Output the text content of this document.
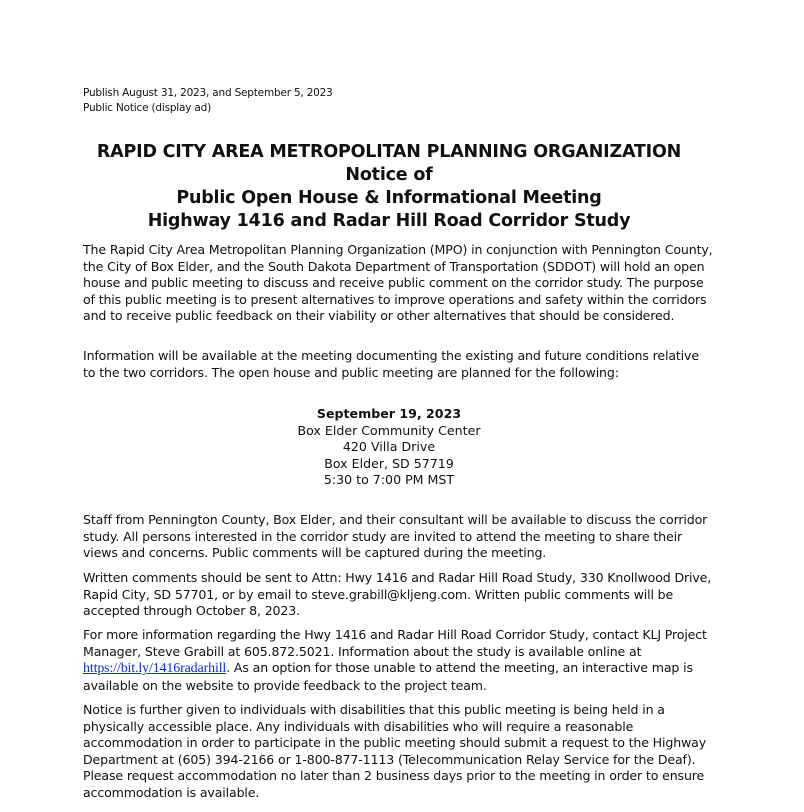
Publish August 31, 2023, and September 5, 2023
Public Notice (display ad)
RAPID CITY AREA METROPOLITAN PLANNING ORGANIZATION
Notice of
Public Open House & Informational Meeting
Highway 1416 and Radar Hill Road Corridor Study

The Rapid City Area Metropolitan Planning Organization (MPO) in conjunction with Pennington County, the City of Box Elder, and the South Dakota Department of Transportation (SDDOT) will hold an open house and public meeting to discuss and receive public comment on the corridor study. The purpose of this public meeting is to present alternatives to improve operations and safety within the corridors and to receive public feedback on their viability or other alternatives that should be considered.

Information will be available at the meeting documenting the existing and future conditions relative to the two corridors. The open house and public meeting are planned for the following:

September 19, 2023
Box Elder Community Center
420 Villa Drive
Box Elder, SD 57719
5:30 to 7:00 PM MST

Staff from Pennington County, Box Elder, and their consultant will be available to discuss the corridor study. All persons interested in the corridor study are invited to attend the meeting to share their views and concerns. Public comments will be captured during the meeting.

Written comments should be sent to Attn: Hwy 1416 and Radar Hill Road Study, 330 Knollwood Drive, Rapid City, SD 57701, or by email to steve.grabill@kljeng.com. Written public comments will be accepted through October 8, 2023.

For more information regarding the Hwy 1416 and Radar Hill Road Corridor Study, contact KLJ Project Manager, Steve Grabill at 605.872.5021. Information about the study is available online at https://bit.ly/1416radarhill. As an option for those unable to attend the meeting, an interactive map is available on the website to provide feedback to the project team.

Notice is further given to individuals with disabilities that this public meeting is being held in a physically accessible place. Any individuals with disabilities who will require a reasonable accommodation in order to participate in the public meeting should submit a request to the Highway Department at (605) 394-2166 or 1-800-877-1113 (Telecommunication Relay Service for the Deaf). Please request accommodation no later than 2 business days prior to the meeting in order to ensure accommodation is available.
